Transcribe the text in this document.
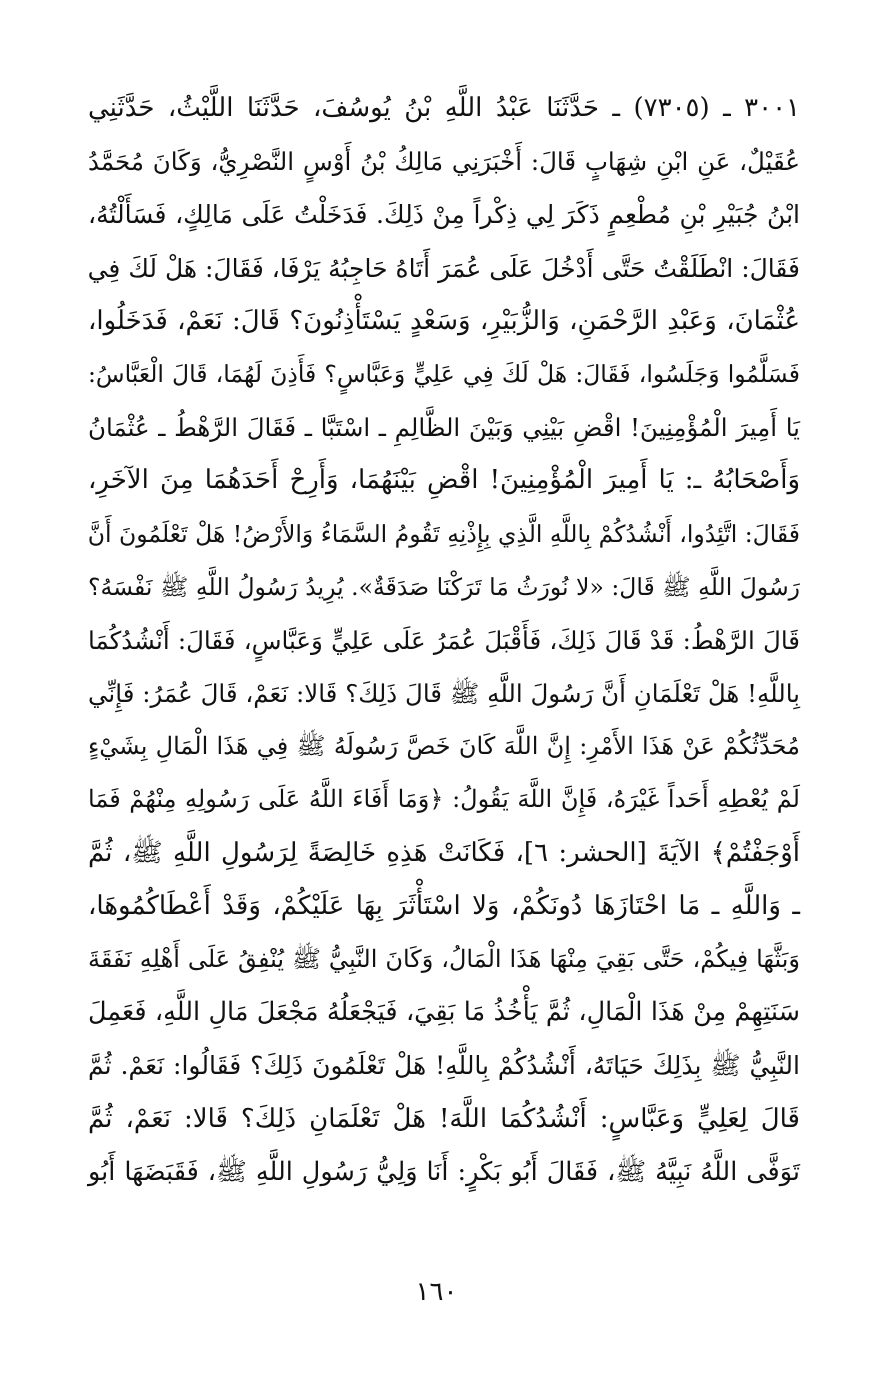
٣٠٠١ ـ (٧٣٠٥) ـ حَدَّثَنَا عَبْدُ اللَّهِ بْنُ يُوسُفَ، حَدَّثَنَا اللَّيْثُ، حَدَّثَنِي
عُقَيْلٌ، عَنِ ابْنِ شِهَابٍ قَالَ: أَخْبَرَنِي مَالِكُ بْنُ أَوْسٍ النَّصْرِيُّ، وَكَانَ مُحَمَّدُ
ابْنُ جُبَيْرِ بْنِ مُطْعِمٍ ذَكَرَ لِي ذِكْراً مِنْ ذَلِكَ. فَدَخَلْتُ عَلَى مَالِكٍ، فَسَأَلْتُهُ،
فَقَالَ: انْطَلَقْتُ حَتَّى أَدْخُلَ عَلَى عُمَرَ أَتَاهُ حَاجِبُهُ يَرْفَا، فَقَالَ: هَلْ لَكَ فِي
عُثْمَانَ، وَعَبْدِ الرَّحْمَنِ، وَالزُّبَيْرِ، وَسَعْدٍ يَسْتَأْذِنُونَ؟ قَالَ: نَعَمْ، فَدَخَلُوا،
فَسَلَّمُوا وَجَلَسُوا، فَقَالَ: هَلْ لَكَ فِي عَلِيٍّ وَعَبَّاسٍ؟ فَأَذِنَ لَهُمَا، قَالَ الْعَبَّاسُ:
يَا أَمِيرَ الْمُؤْمِنِينَ! اقْضِ بَيْنِي وَبَيْنَ الظَّالِمِ ـ اسْتَبَّا ـ فَقَالَ الرَّهْطُ ـ عُثْمَانُ
وَأَصْحَابُهُ ـ: يَا أَمِيرَ الْمُؤْمِنِينَ! اقْضِ بَيْنَهُمَا، وَأَرِحْ أَحَدَهُمَا مِنَ الآخَرِ،
فَقَالَ: اتَّئِدُوا، أَنْشُدُكُمْ بِاللَّهِ الَّذِي بِإِذْنِهِ تَقُومُ السَّمَاءُ وَالأَرْضُ! هَلْ تَعْلَمُونَ أَنَّ
رَسُولَ اللَّهِ ﷺ قَالَ: «لا نُورَثُ مَا تَرَكْنَا صَدَقَةٌ». يُرِيدُ رَسُولُ اللَّهِ ﷺ نَفْسَهُ؟
قَالَ الرَّهْطُ: قَدْ قَالَ ذَلِكَ، فَأَقْبَلَ عُمَرُ عَلَى عَلِيٍّ وَعَبَّاسٍ، فَقَالَ: أَنْشُدُكُمَا
بِاللَّهِ! هَلْ تَعْلَمَانِ أَنَّ رَسُولَ اللَّهِ ﷺ قَالَ ذَلِكَ؟ قَالا: نَعَمْ، قَالَ عُمَرُ: فَإِنِّي
مُحَدِّثُكُمْ عَنْ هَذَا الأَمْرِ: إِنَّ اللَّهَ كَانَ خَصَّ رَسُولَهُ ﷺ فِي هَذَا الْمَالِ بِشَيْءٍ
لَمْ يُعْطِهِ أَحَداً غَيْرَهُ، فَإِنَّ اللَّهَ يَقُولُ: ﴿وَمَا أَفَاءَ اللَّهُ عَلَى رَسُولِهِ مِنْهُمْ فَمَا
أَوْجَفْتُمْ﴾ الآيَةَ [الحشر: ٦]، فَكَانَتْ هَذِهِ خَالِصَةً لِرَسُولِ اللَّهِ ﷺ، ثُمَّ
ـ وَاللَّهِ ـ مَا احْتَازَهَا دُونَكُمْ، وَلا اسْتَأْثَرَ بِهَا عَلَيْكُمْ، وَقَدْ أَعْطَاكُمُوهَا،
وَبَثَّهَا فِيكُمْ، حَتَّى بَقِيَ مِنْهَا هَذَا الْمَالُ، وَكَانَ النَّبِيُّ ﷺ يُنْفِقُ عَلَى أَهْلِهِ نَفَقَةَ
سَنَتِهِمْ مِنْ هَذَا الْمَالِ، ثُمَّ يَأْخُذُ مَا بَقِيَ، فَيَجْعَلُهُ مَجْعَلَ مَالِ اللَّهِ، فَعَمِلَ
النَّبِيُّ ﷺ بِذَلِكَ حَيَاتَهُ، أَنْشُدُكُمْ بِاللَّهِ! هَلْ تَعْلَمُونَ ذَلِكَ؟ فَقَالُوا: نَعَمْ. ثُمَّ
قَالَ لِعَلِيٍّ وَعَبَّاسٍ: أَنْشُدُكُمَا اللَّهَ! هَلْ تَعْلَمَانِ ذَلِكَ؟ قَالا: نَعَمْ، ثُمَّ
تَوَفَّى اللَّهُ نَبِيَّهُ ﷺ، فَقَالَ أَبُو بَكْرٍ: أَنَا وَلِيُّ رَسُولِ اللَّهِ ﷺ، فَقَبَضَهَا أَبُو
١٦٠
